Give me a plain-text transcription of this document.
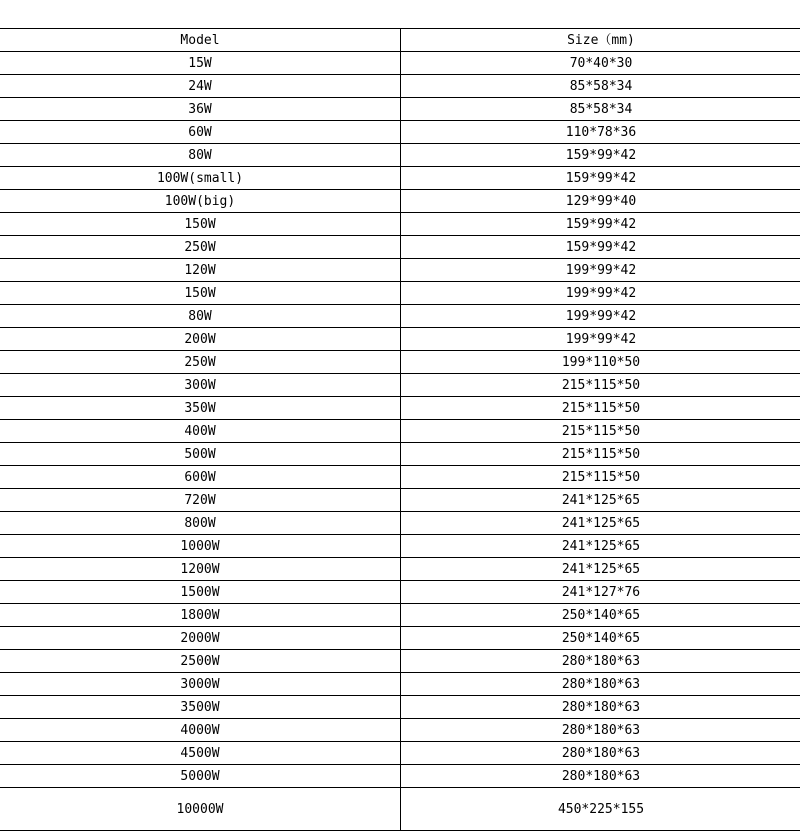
Model	Size（mm)
15W	70*40*30
24W	85*58*34
36W	85*58*34
60W	110*78*36
80W	159*99*42
100W(small)	159*99*42
100W(big)	129*99*40
150W	159*99*42
250W	159*99*42
120W	199*99*42
150W	199*99*42
80W	199*99*42
200W	199*99*42
250W	199*110*50
300W	215*115*50
350W	215*115*50
400W	215*115*50
500W	215*115*50
600W	215*115*50
720W	241*125*65
800W	241*125*65
1000W	241*125*65
1200W	241*125*65
1500W	241*127*76
1800W	250*140*65
2000W	250*140*65
2500W	280*180*63
3000W	280*180*63
3500W	280*180*63
4000W	280*180*63
4500W	280*180*63
5000W	280*180*63
10000W	450*225*155
